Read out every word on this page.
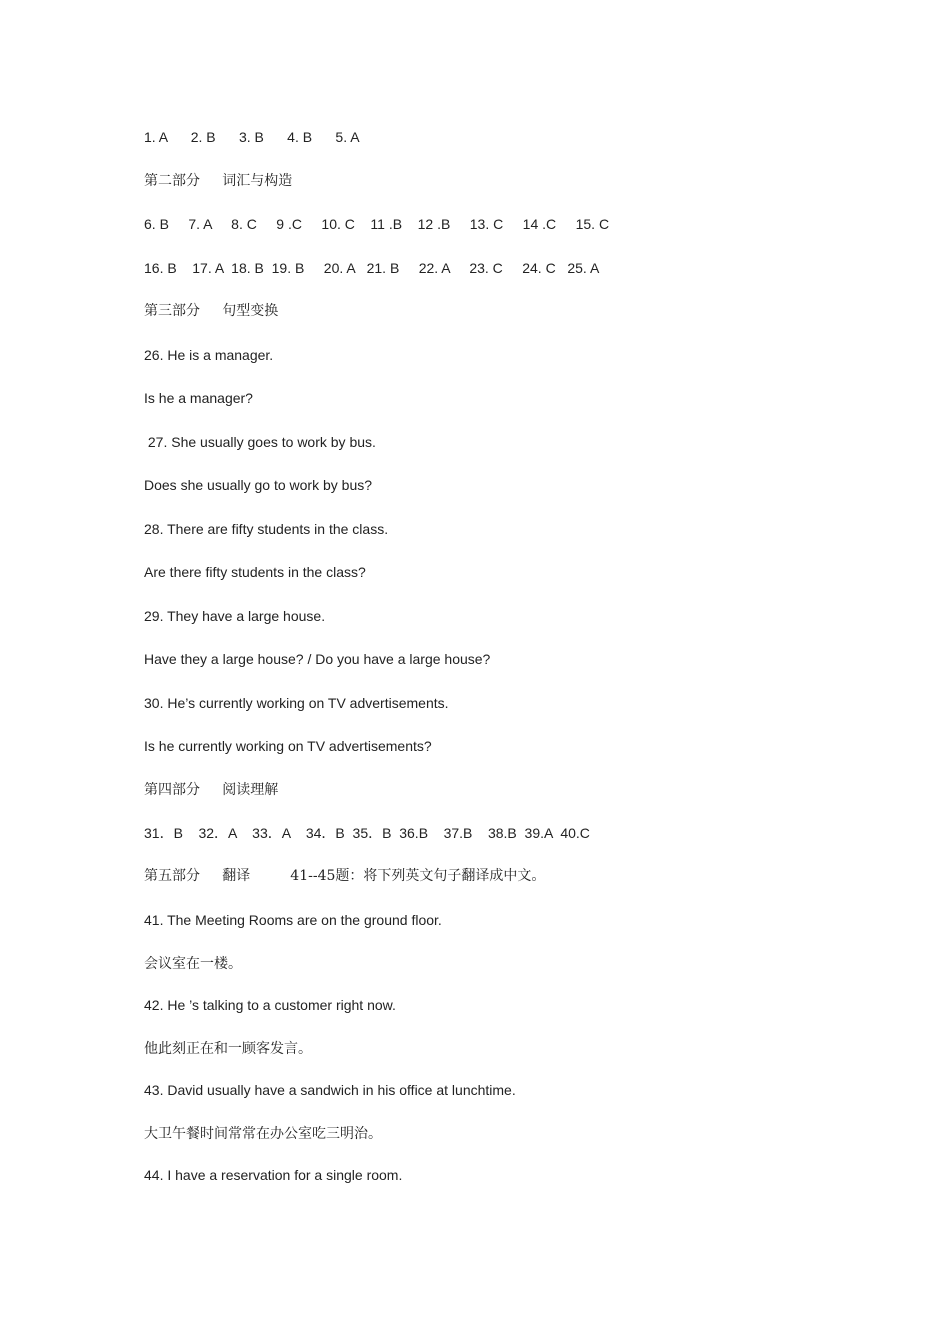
1. A      2. B      3. B      4. B      5. A
第二部分     词汇与构造
6. B     7. A     8. C     9 .C     10. C    11 .B    12 .B     13. C     14 .C     15. C
16. B    17. A  18. B  19. B     20. A   21. B     22. A     23. C     24. C   25. A
第三部分     句型变换
26. He is a manager.
Is he a manager?
27. She usually goes to work by bus.
Does she usually go to work by bus?
28. There are fifty students in the class.
Are there fifty students in the class?
29. They have a large house.
Have they a large house? / Do you have a large house?
30. He’s currently working on TV advertisements.
Is he currently working on TV advertisements?
第四部分     阅读理解
31．B    32．A    33．A    34．B  35．B  36.B    37.B    38.B  39.A  40.C
第五部分     翻译         41--45题：将下列英文句子翻译成中文。
41. The Meeting Rooms are on the ground floor.
会议室在一楼。
42. He ’s talking to a customer right now.
他此刻正在和一顾客发言。
43. David usually have a sandwich in his office at lunchtime.
大卫午餐时间常常在办公室吃三明治。
44. I have a reservation for a single room.
